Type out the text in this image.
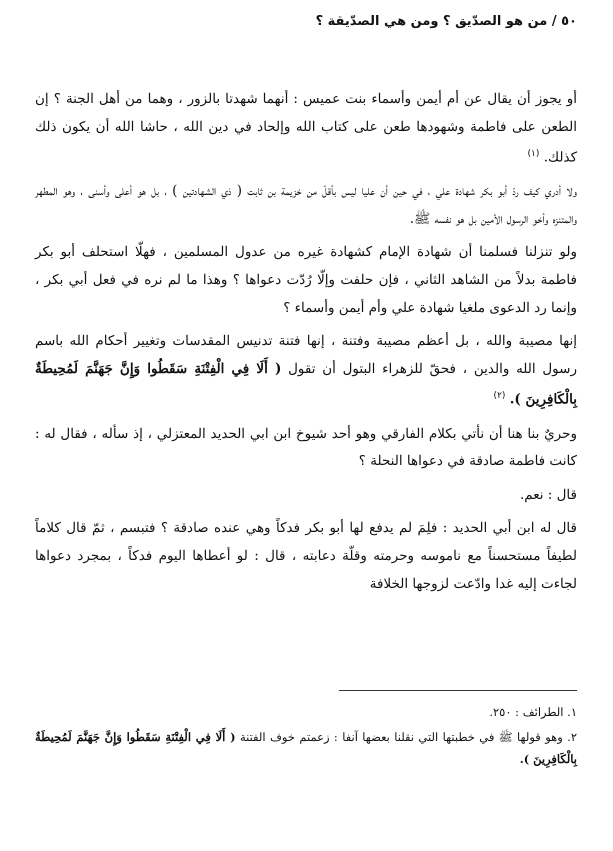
٥٠ / من هو الصدّيق ؟ ومن هي الصدّيقة ؟

أو يجوز أن يقال عن أم أيمن وأسماء بنت عميس : أنهما شهدتا بالزور ، وهما من أهل الجنة ؟ إن الطعن على فاطمة وشهودها طعن على كتاب الله وإلحاد في دين الله ، حاشا الله أن يكون ذلك كذلك. $^{(١)}$

ولا أدري كيف ردّ أبو بكر شهادة علي ، في حين أن عليا ليس بأقلّ من خزيمة بن ثابت ( ذي الشهادتين ) ، بل هو أعلى وأسنى ، وهو المطهر والمتنزه وأخو الرسول الأمين بل هو نفسه ﷺ.

ولو تنزلنا فسلمنا أن شهادة الإمام كشهادة غيره من عدول المسلمين ، فهلّا استحلف أبو بكر فاطمة بدلاً من الشاهد الثاني ، فإن حلفت وإلّا رُدّت دعواها ؟ وهذا ما لم نره في فعل أبي بكر ، وإنما رد الدعوى ملغيا شهادة علي وأم أيمن وأسماء ؟

إنها مصيبة والله ، بل أعظم مصيبة وفتنة ، إنها فتنة تدنيس المقدسات وتغيير أحكام الله باسم رسول الله والدين ، فحقّ للزهراء البتول أن تقول ( أَلَا فِي الْفِتْنَةِ سَقَطُوا وَإِنَّ جَهَنَّمَ لَمُحِيطَةٌ بِالْكَافِرِينَ ). $^{(٢)}$

وحريٌ بنا هنا أن نأتي بكلام الفارقي وهو أحد شيوخ ابن ابي الحديد المعتزلي ، إذ سأله ، فقال له : كانت فاطمة صادقة في دعواها النحلة ؟

قال : نعم.

قال له ابن أبي الحديد : فلِمَ لم يدفع لها أبو بكر فدكاً وهي عنده صادقة ؟ فتبسم ، ثمّ قال كلاماً لطيفاً مستحسناً مع ناموسه وحرمته وقلّة دعابته ، قال : لو أعطاها اليوم فدكاً ، بمجرد دعواها لجاءت إليه غدا وادّعت لزوجها الخلافة

١. الطرائف : ٢٥٠.

٢. وهو قولها ﷺ في خطبتها التي نقلنا بعضها آنفا : زعمتم خوف الفتنة ( أَلَا فِي الْفِتْنَةِ سَقَطُوا وَإِنَّ جَهَنَّمَ لَمُحِيطَةٌ بِالْكَافِرِينَ ).
